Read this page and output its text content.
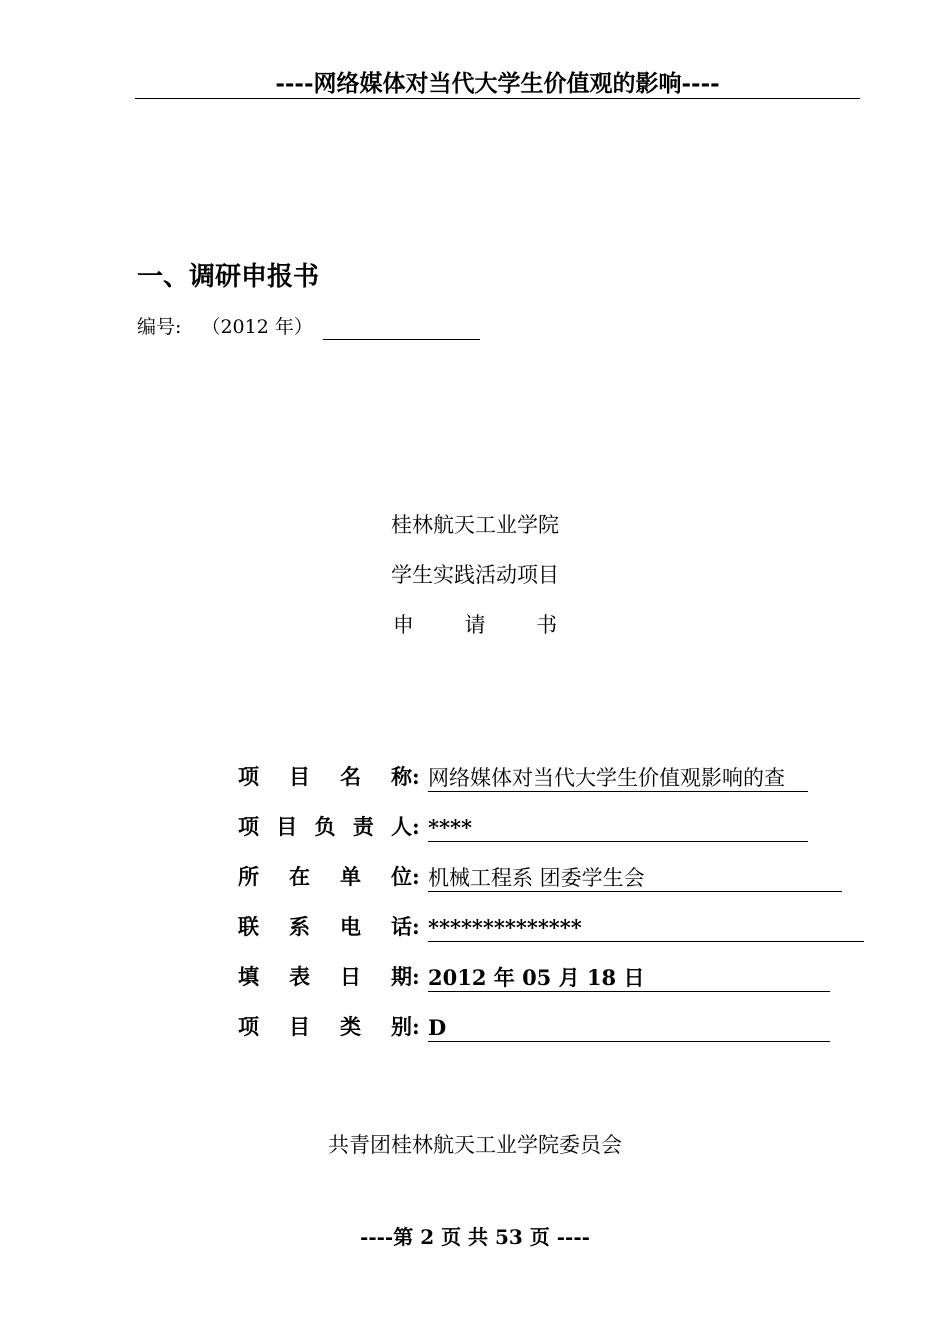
----网络媒体对当代大学生价值观的影响----
一、调研申报书
编号: （2012 年）
桂林航天工业学院
学生实践活动项目
申 请 书
项目名称 : 网络媒体对当代大学生价值观影响的查
项目负责人 : ****
所在单位 : 机械工程系 团委学生会
联系电话 : **************
填表日期 : 2012 年 05 月 18 日
项目类别 : D
共青团桂林航天工业学院委员会
----第 2 页 共 53 页 ----
